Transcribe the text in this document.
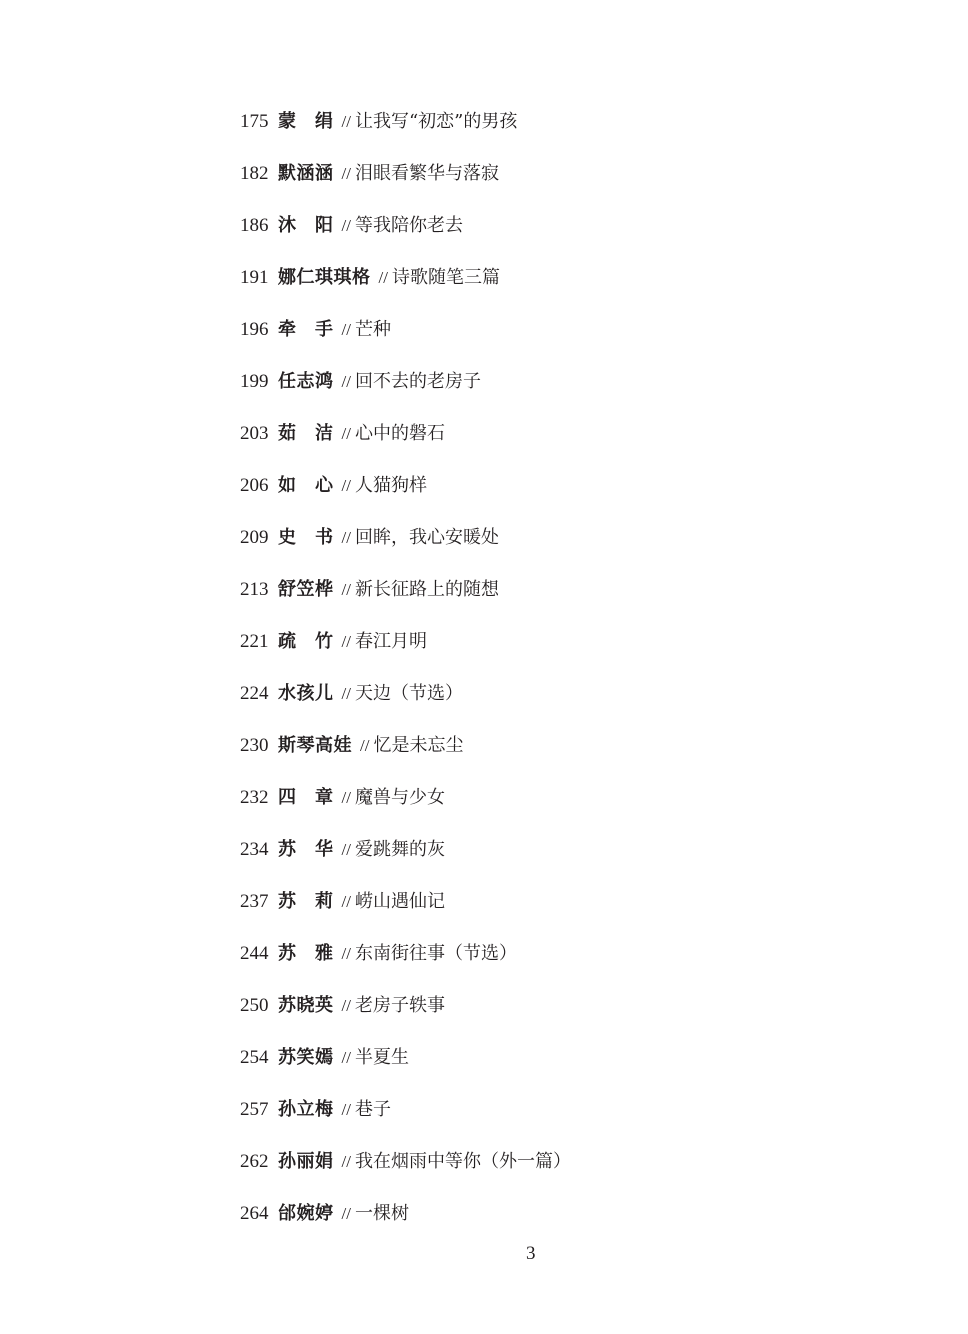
175 蒙　绢 // 让我写“初恋”的男孩
182 默涵涵 // 泪眼看繁华与落寂
186 沐　阳 // 等我陪你老去
191 娜仁琪琪格 // 诗歌随笔三篇
196 牵　手 // 芒种
199 任志鸿 // 回不去的老房子
203 茹　洁 // 心中的磐石
206 如　心 // 人猫狗样
209 史　书 // 回眸，我心安暖处
213 舒笠桦 // 新长征路上的随想
221 疏　竹 // 春江月明
224 水孩儿 // 天边（节选）
230 斯琴高娃 // 忆是未忘尘
232 四　章 // 魔兽与少女
234 苏　华 // 爱跳舞的灰
237 苏　莉 // 崂山遇仙记
244 苏　雅 // 东南街往事（节选）
250 苏晓英 // 老房子轶事
254 苏笑嫣 // 半夏生
257 孙立梅 // 巷子
262 孙丽娟 // 我在烟雨中等你（外一篇）
264 邰婉婷 // 一棵树
3
